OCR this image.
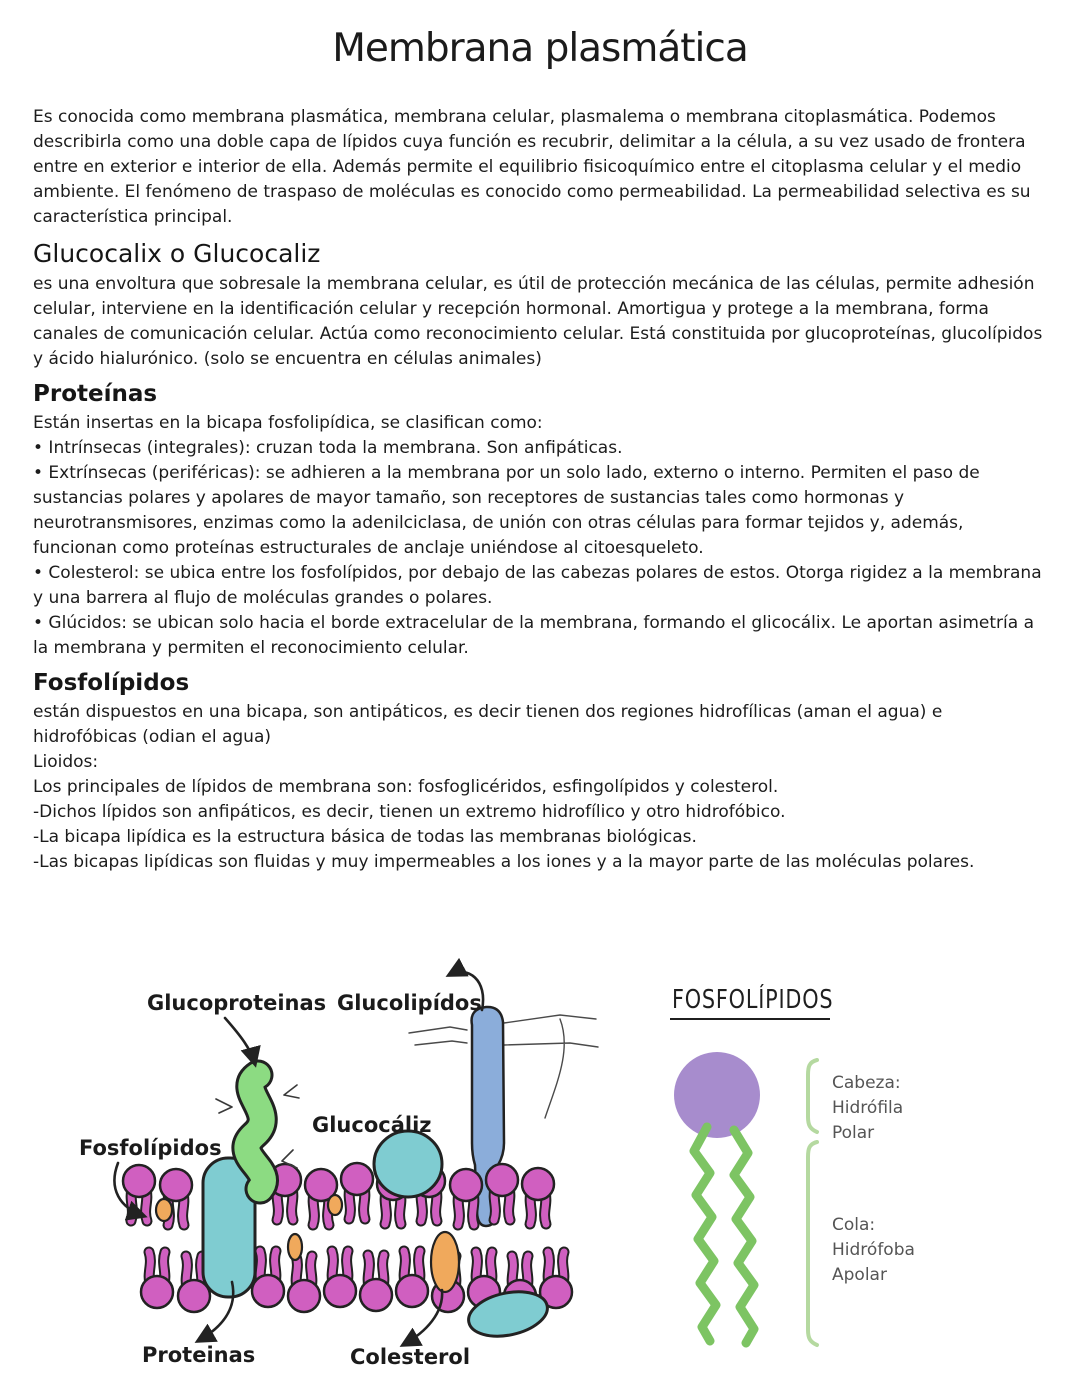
Membrana plasmática

Es conocida como membrana plasmática, membrana celular, plasmalema o membrana citoplasmática. Podemos describirla como una doble capa de lípidos cuya función es recubrir, delimitar a la célula, a su vez usado de frontera entre en exterior e interior de ella. Además permite el equilibrio fisicoquímico entre el citoplasma celular y el medio ambiente. El fenómeno de traspaso de moléculas es conocido como permeabilidad. La permeabilidad selectiva es su característica principal.

Glucocalix o Glucocaliz

es una envoltura que sobresale la membrana celular, es útil de protección mecánica de las células, permite adhesión celular, interviene en la identificación celular y recepción hormonal. Amortigua y protege a la membrana, forma canales de comunicación celular. Actúa como reconocimiento celular. Está constituida por glucoproteínas, glucolípidos y ácido hialurónico. (solo se encuentra en células animales)

Proteínas

Están insertas en la bicapa fosfolipídica, se clasifican como:

• Intrínsecas (integrales): cruzan toda la membrana. Son anfipáticas.

• Extrínsecas (periféricas): se adhieren a la membrana por un solo lado, externo o interno. Permiten el paso de sustancias polares y apolares de mayor tamaño, son receptores de sustancias tales como hormonas y neurotransmisores, enzimas como la adenilciclasa, de unión con otras células para formar tejidos y, además, funcionan como proteínas estructurales de anclaje uniéndose al citoesqueleto.

• Colesterol: se ubica entre los fosfolípidos, por debajo de las cabezas polares de estos. Otorga rigidez a la membrana y una barrera al flujo de moléculas grandes o polares.

• Glúcidos: se ubican solo hacia el borde extracelular de la membrana, formando el glicocálix. Le aportan asimetría a la membrana y permiten el reconocimiento celular.

Fosfolípidos

están dispuestos en una bicapa, son antipáticos, es decir tienen dos regiones hidrofílicas (aman el agua) e hidrofóbicas (odian el agua)

Lioidos:

Los principales de lípidos de membrana son: fosfoglicéridos, esfingolípidos y colesterol.

-Dichos lípidos son anfipáticos, es decir, tienen un extremo hidrofílico y otro hidrofóbico.

-La bicapa lipídica es la estructura básica de todas las membranas biológicas.

-Las bicapas lipídicas son fluidas y muy impermeables a los iones y a la mayor parte de las moléculas polares.

Glucoproteinas Glucolipídos
Glucocáliz
Fosfolípidos
Proteinas	Colesterol
FOSFOLÍPIDOS
Cabeza:
Hidrófila
Polar
Cola:
Hidrófoba
Apolar
